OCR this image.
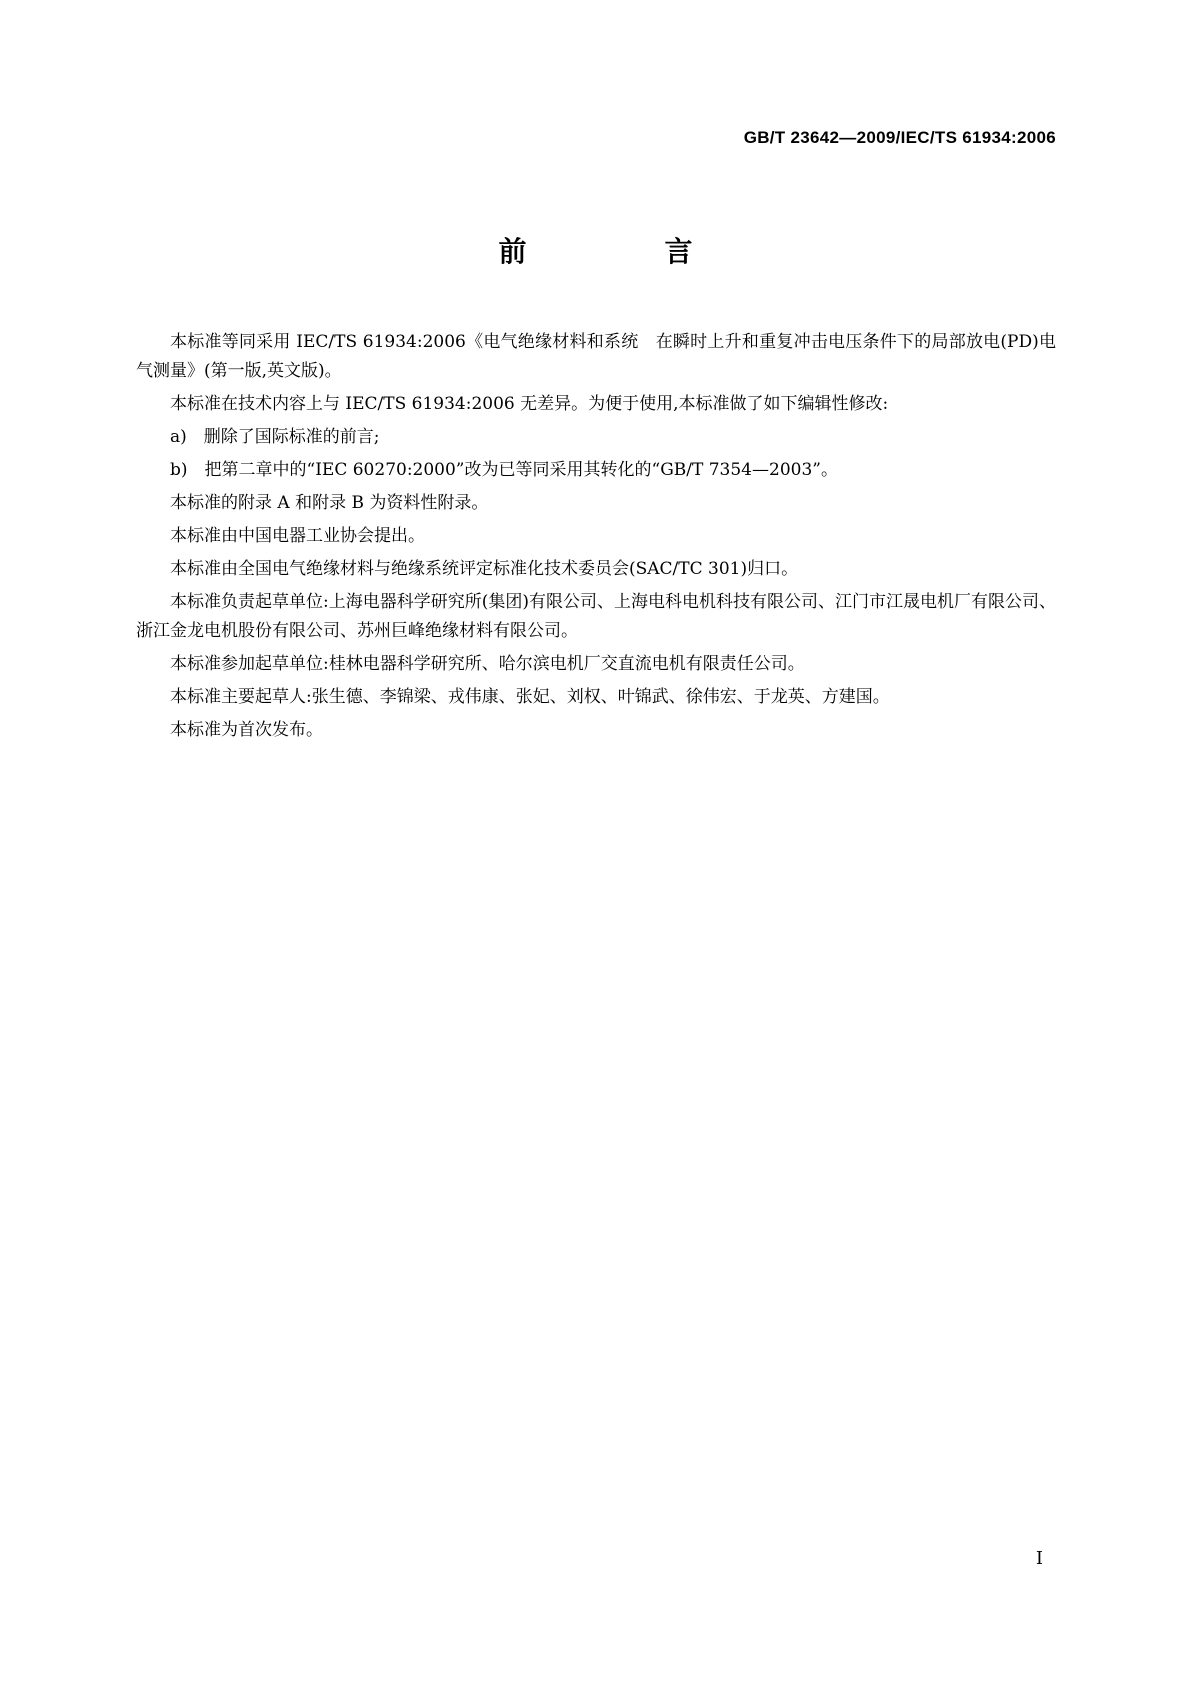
GB/T 23642—2009/IEC/TS 61934:2006
前　言

本标准等同采用 IEC/TS 61934:2006《电气绝缘材料和系统　在瞬时上升和重复冲击电压条件下的局部放电(PD)电气测量》(第一版,英文版)。

本标准在技术内容上与 IEC/TS 61934:2006 无差异。为便于使用,本标准做了如下编辑性修改:

a)　删除了国际标准的前言;

b)　把第二章中的“IEC 60270:2000”改为已等同采用其转化的“GB/T 7354—2003”。

本标准的附录 A 和附录 B 为资料性附录。

本标准由中国电器工业协会提出。

本标准由全国电气绝缘材料与绝缘系统评定标准化技术委员会(SAC/TC 301)归口。

本标准负责起草单位:上海电器科学研究所(集团)有限公司、上海电科电机科技有限公司、江门市江晟电机厂有限公司、浙江金龙电机股份有限公司、苏州巨峰绝缘材料有限公司。

本标准参加起草单位:桂林电器科学研究所、哈尔滨电机厂交直流电机有限责任公司。

本标准主要起草人:张生德、李锦梁、戎伟康、张妃、刘权、叶锦武、徐伟宏、于龙英、方建国。

本标准为首次发布。

I
